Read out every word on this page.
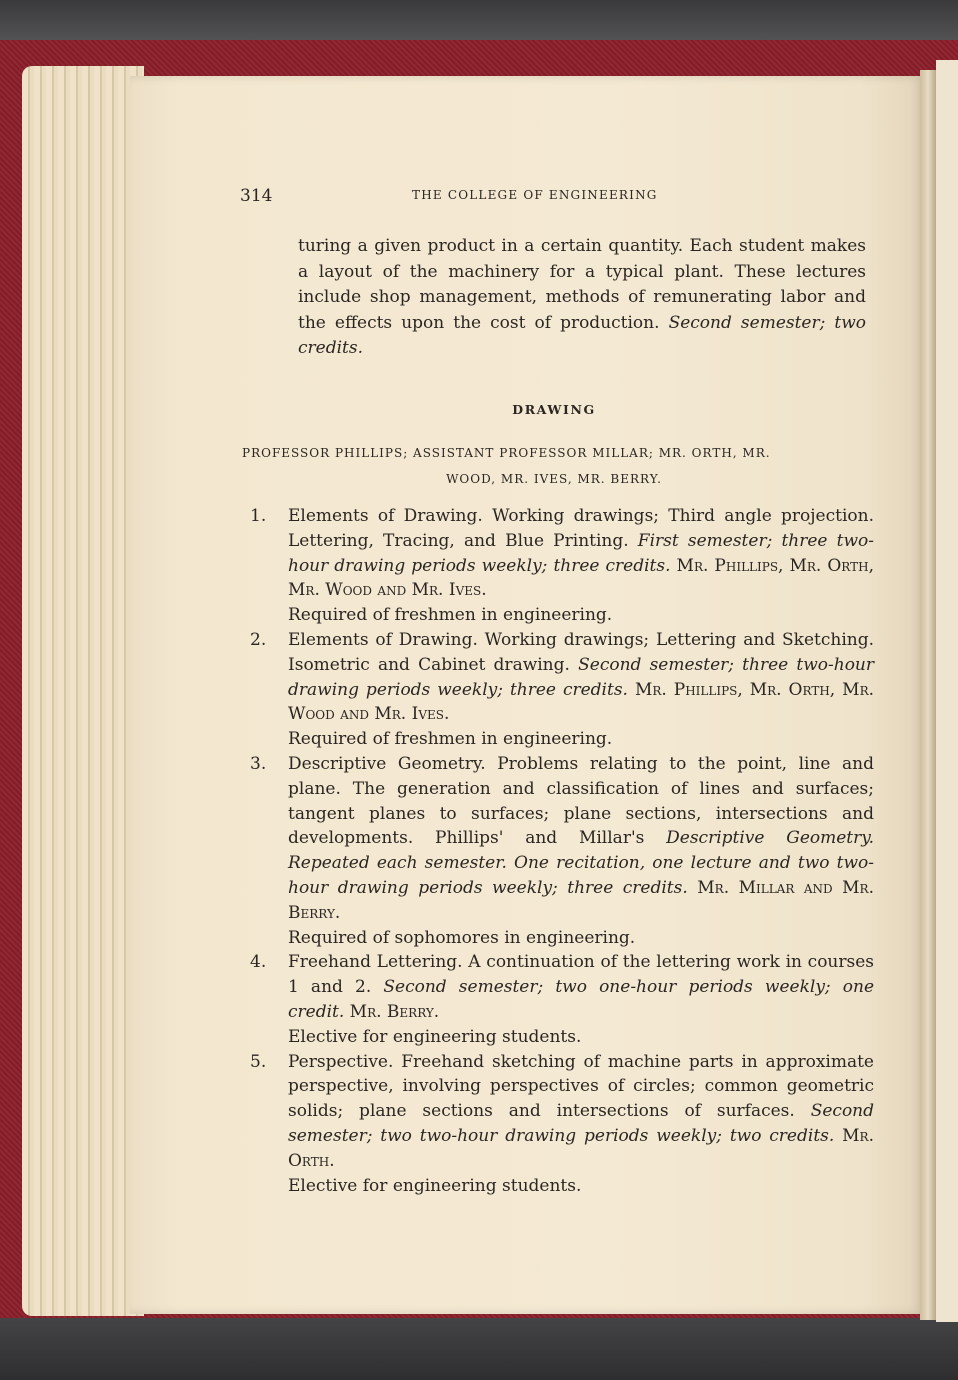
314	THE COLLEGE OF ENGINEERING

turing a given product in a certain quantity. Each student makes a layout of the machinery for a typical plant. These lectures include shop management, methods of remunerating labor and the effects upon the cost of production. Second semester; two credits.

DRAWING
PROFESSOR PHILLIPS; ASSISTANT PROFESSOR MILLAR; MR. ORTH, MR.
WOOD, MR. IVES, MR. BERRY.
1.	Elements of Drawing. Working drawings; Third angle projection. Lettering, Tracing, and Blue Printing. First semester; three two-hour drawing periods weekly; three credits. Mr. Phillips, Mr. Orth, Mr. Wood and Mr. Ives.
Required of freshmen in engineering.
2.	Elements of Drawing. Working drawings; Lettering and Sketching. Isometric and Cabinet drawing. Second semester; three two-hour drawing periods weekly; three credits. Mr. Phillips, Mr. Orth, Mr. Wood and Mr. Ives.
Required of freshmen in engineering.
3.	Descriptive Geometry. Problems relating to the point, line and plane. The generation and classification of lines and surfaces; tangent planes to surfaces; plane sections, intersections and developments. Phillips' and Millar's Descriptive Geometry. Repeated each semester. One recitation, one lecture and two two-hour drawing periods weekly; three credits. Mr. Millar and Mr. Berry.
Required of sophomores in engineering.
4.	Freehand Lettering. A continuation of the lettering work in courses 1 and 2. Second semester; two one-hour periods weekly; one credit. Mr. Berry.
Elective for engineering students.
5.	Perspective. Freehand sketching of machine parts in approximate perspective, involving perspectives of circles; common geometric solids; plane sections and intersections of surfaces. Second semester; two two-hour drawing periods weekly; two credits. Mr. Orth.
Elective for engineering students.
